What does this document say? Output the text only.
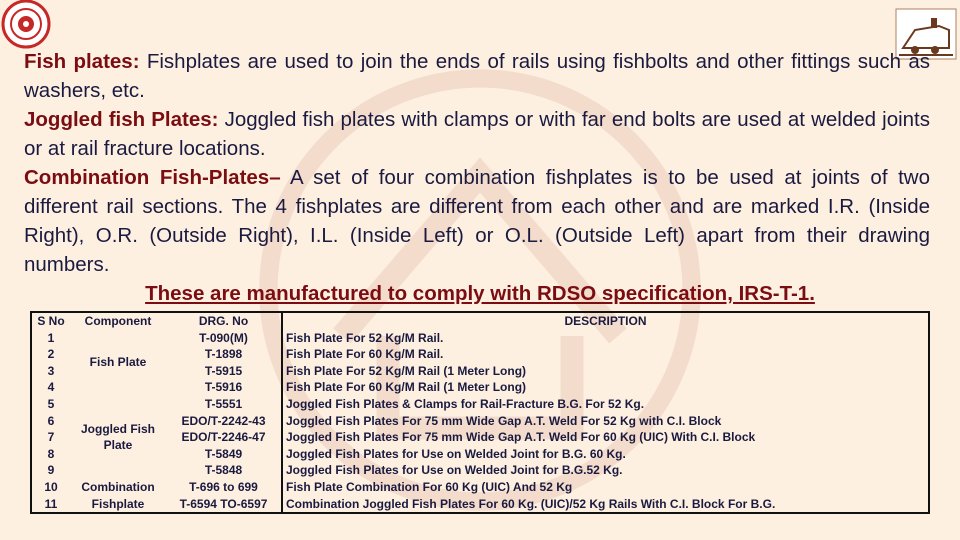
Fish plates: Fishplates are used to join the ends of rails using fishbolts and other fittings such as washers, etc.

Joggled fish Plates: Joggled fish plates with clamps or with far end bolts are used at welded joints or at rail fracture locations.

Combination Fish-Plates– A set of four combination fishplates is to be used at joints of two different rail sections. The 4 fishplates are different from each other and are marked I.R. (Inside Right), O.R. (Outside Right), I.L. (Inside Left) or O.L. (Outside Left) apart from their drawing numbers.

These are manufactured to comply with RDSO specification, IRS-T-1.
S No	Component	DRG. No	DESCRIPTION
1	Fish Plate	T-090(M)	Fish Plate For 52 Kg/M Rail.
2		T-1898	Fish Plate For 60 Kg/M Rail.
3		T-5915	Fish Plate For 52 Kg/M Rail (1 Meter Long)
4		T-5916	Fish Plate For 60 Kg/M Rail (1 Meter Long)
5	Joggled Fish Plate	T-5551	Joggled Fish Plates & Clamps for Rail-Fracture B.G. For 52 Kg.
6		EDO/T-2242-43	Joggled Fish Plates For 75 mm Wide Gap A.T. Weld For 52 Kg with C.I. Block
7		EDO/T-2246-47	Joggled Fish Plates For 75 mm Wide Gap A.T. Weld For 60 Kg (UIC) With C.I. Block
8		T-5849	Joggled Fish Plates for Use on Welded Joint for B.G. 60 Kg.
9		T-5848	Joggled Fish Plates for Use on Welded Joint for B.G.52 Kg.
10	Combination Fishplate	T-696 to 699	Fish Plate Combination For 60 Kg (UIC) And 52 Kg
11		T-6594 TO-6597	Combination Joggled Fish Plates For 60 Kg. (UIC)/52 Kg Rails With C.I. Block For B.G.
